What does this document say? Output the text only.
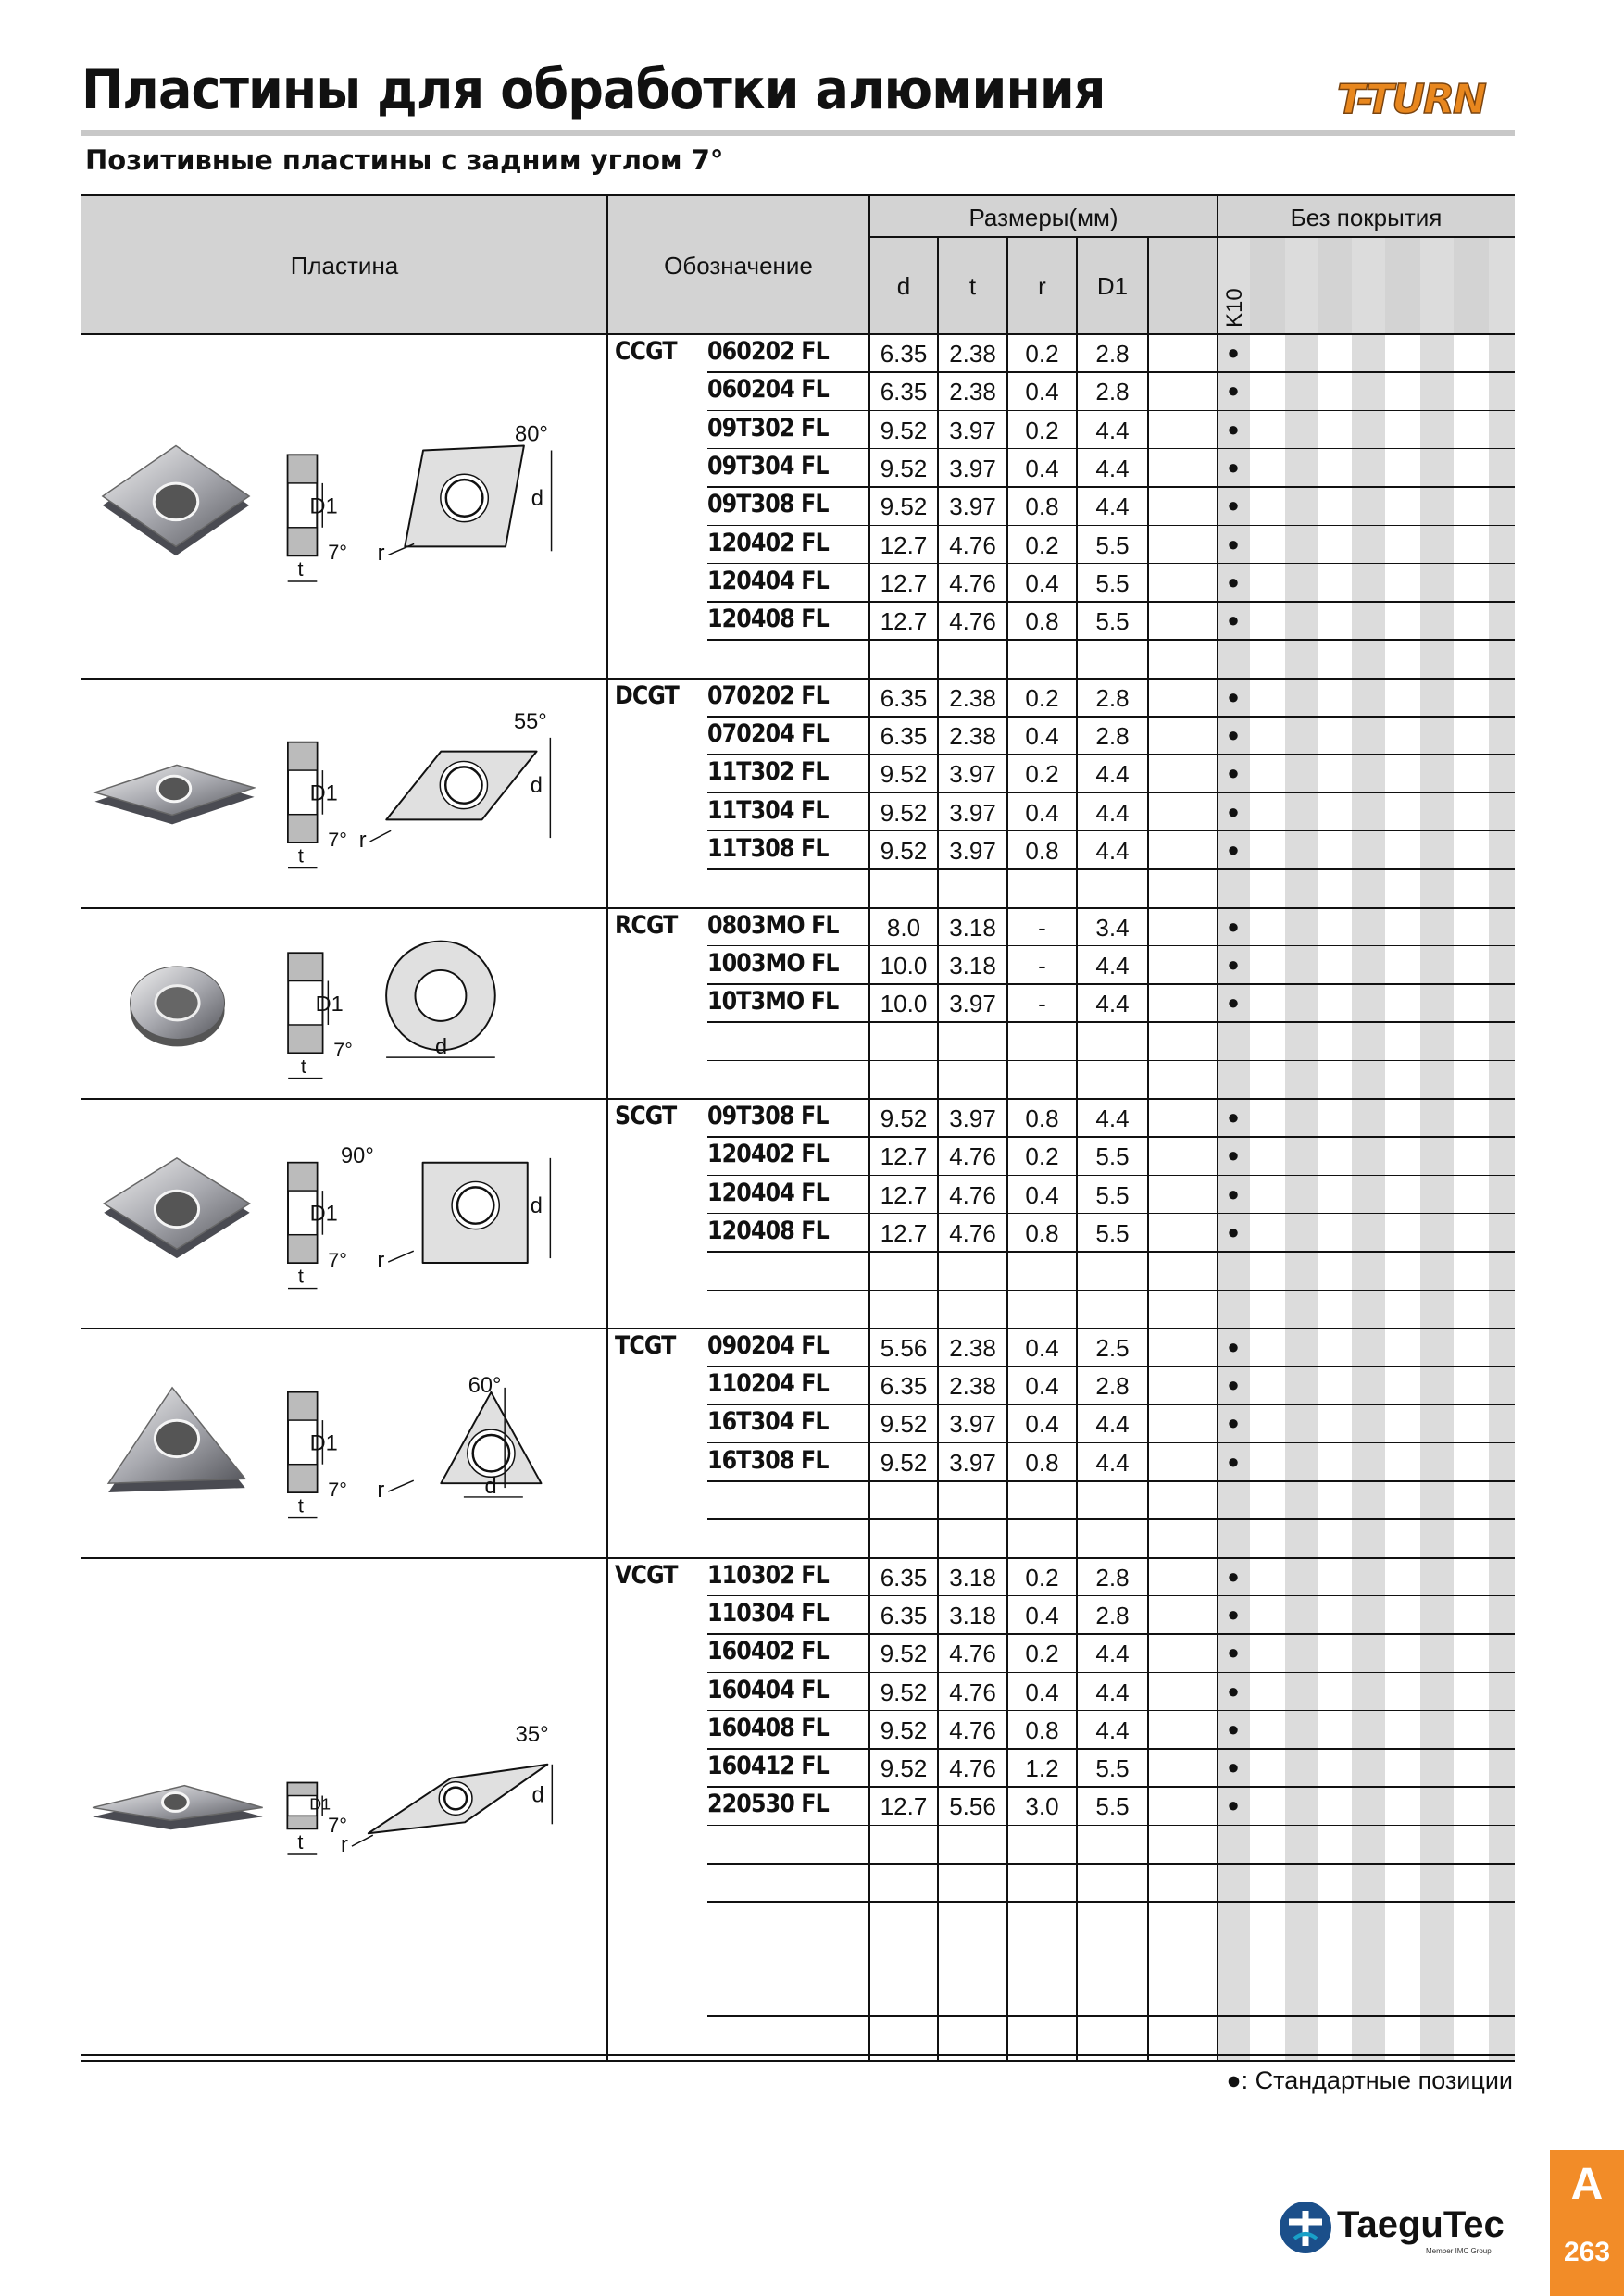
Пластины для обработки алюминия	T-TURN
Позитивные пластины с задним углом 7°
Пластина	Обозначение
Размеры(мм)	Без покрытия
d	t	r	D1
K10
CCGT 060202 FL	6.35 2.38	0.2	2.8	●
060204 FL	6.35 2.38	0.4	2.8	●
09T302 FL	9.52 3.97	0.2	4.4	●
09T304 FL	9.52 3.97	0.4	4.4	●
09T308 FL	9.52 3.97	0.8	4.4	●
120402 FL	12.7 4.76	0.2	5.5	●
120404 FL	12.7 4.76	0.4	5.5	●
120408 FL	12.7 4.76	0.8	5.5	●
DCGT 070202 FL	6.35 2.38	0.2	2.8	●
070204 FL	6.35 2.38	0.4	2.8	●
11T302 FL	9.52 3.97	0.2	4.4	●
11T304 FL	9.52 3.97	0.4	4.4	●
11T308 FL	9.52 3.97	0.8	4.4	●
RCGT 0803MO FL	8.0	3.18	-	3.4	●
1003MO FL	10.0 3.18	-	4.4	●
10T3MO FL	10.0 3.97	-	4.4	●
SCGT 09T308 FL	9.52 3.97	0.8	4.4	●
120402 FL	12.7 4.76	0.2	5.5	●
120404 FL	12.7 4.76	0.4	5.5	●
120408 FL	12.7 4.76	0.8	5.5	●
TCGT 090204 FL	5.56 2.38	0.4	2.5	●
110204 FL	6.35 2.38	0.4	2.8	●
16T304 FL	9.52 3.97	0.4	4.4	●
16T308 FL	9.52 3.97	0.8	4.4	●
VCGT 110302 FL	6.35 3.18	0.2	2.8	●
110304 FL	6.35 3.18	0.4	2.8	●
160402 FL	9.52 4.76	0.2	4.4	●
160404 FL	9.52 4.76	0.4	4.4	●
160408 FL	9.52 4.76	0.8	4.4	●
160412 FL	9.52 4.76	1.2	5.5	●
220530 FL	12.7 5.56	3.0	5.5	●
D1
7°
t
d
r
80°
D1
7°
t
d
r
55°
D1
7°
t
d
D1
7°
t
d
r
90°
D1
7°
t
d
r
60°
D1
7°
t
d
r
35°
●: Стандартные позиции
TaeguTec
Member IMC Group
A
263
